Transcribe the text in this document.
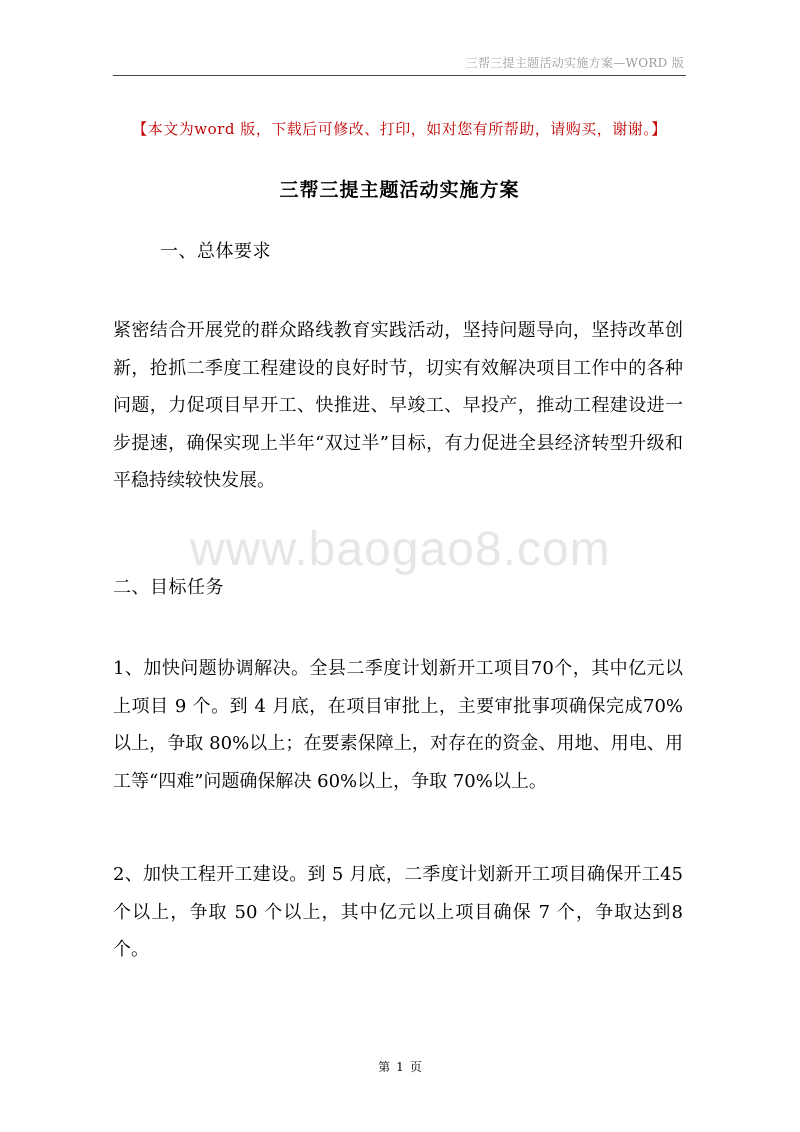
三帮三提主题活动实施方案—WORD 版
【本文为word 版，下载后可修改、打印，如对您有所帮助，请购买，谢谢。】
三帮三提主题活动实施方案
一、总体要求
紧密结合开展党的群众路线教育实践活动，坚持问题导向，坚持改革创新，抢抓二季度工程建设的良好时节，切实有效解决项目工作中的各种问题，力促项目早开工、快推进、早竣工、早投产，推动工程建设进一步提速，确保实现上半年“双过半”目标，有力促进全县经济转型升级和平稳持续较快发展。
www.baogao8.com
二、目标任务
1、加快问题协调解决。全县二季度计划新开工项目70个，其中亿元以上项目 9 个。到 4 月底，在项目审批上，主要审批事项确保完成70%以上，争取 80%以上；在要素保障上，对存在的资金、用地、用电、用工等“四难”问题确保解决 60%以上，争取 70%以上。
2、加快工程开工建设。到 5 月底，二季度计划新开工项目确保开工45 个以上，争取 50 个以上，其中亿元以上项目确保 7 个，争取达到8 个。
第 1 页
